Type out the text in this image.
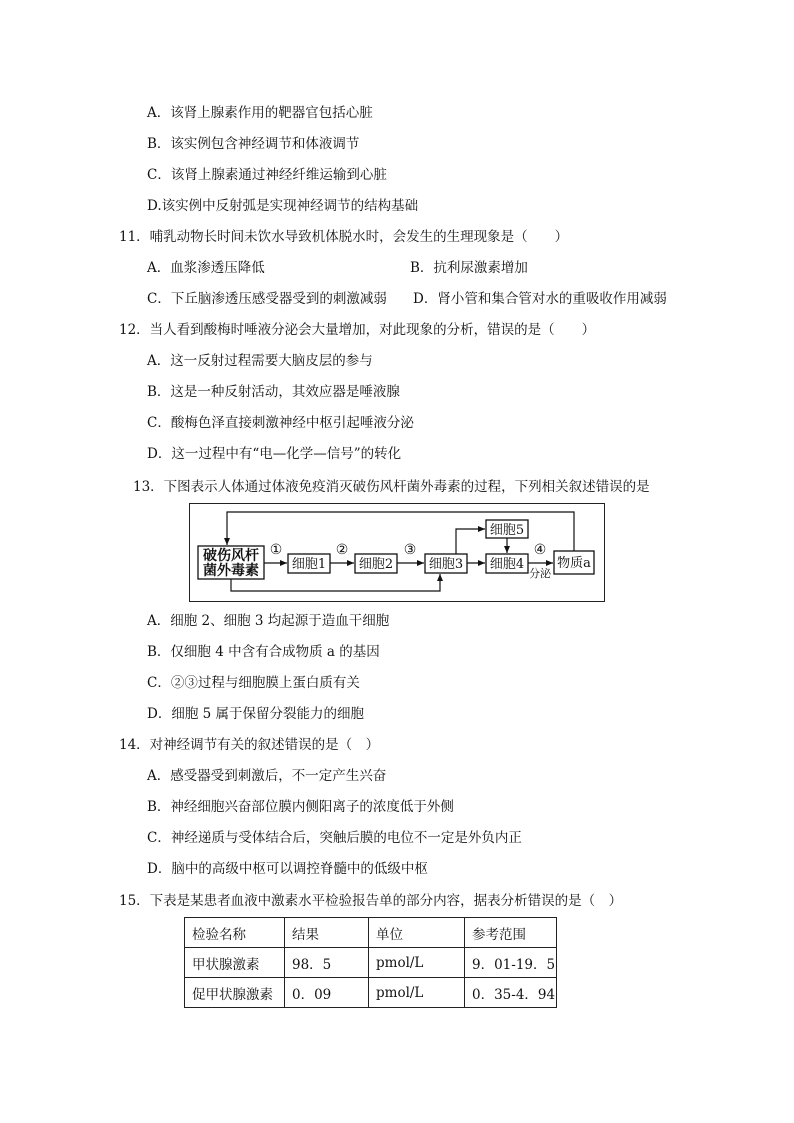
A．该肾上腺素作用的靶器官包括心脏
B．该实例包含神经调节和体液调节
C．该肾上腺素通过神经纤维运输到心脏
D.该实例中反射弧是实现神经调节的结构基础
11．哺乳动物长时间未饮水导致机体脱水时，会发生的生理现象是（　　）
A．血浆渗透压降低	B．抗利尿激素增加
C．下丘脑渗透压感受器受到的刺激减弱 D．肾小管和集合管对水的重吸收作用减弱
12．当人看到酸梅时唾液分泌会大量增加，对此现象的分析，错误的是（　　）
A．这一反射过程需要大脑皮层的参与
B．这是一种反射活动，其效应器是唾液腺
C．酸梅色泽直接刺激神经中枢引起唾液分泌
D．这一过程中有“电—化学—信号”的转化
13．下图表示人体通过体液免疫消灭破伤风杆菌外毒素的过程，下列相关叙述错误的是
破伤风杆
菌外毒素	细胞1	细胞2	细胞3
细胞5
细胞4	物质a
①	②	③	④
分泌
A．细胞 2、细胞 3 均起源于造血干细胞
B．仅细胞 4 中含有合成物质 a 的基因
C．②③过程与细胞膜上蛋白质有关
D．细胞 5 属于保留分裂能力的细胞
14．对神经调节有关的叙述错误的是（　）
A．感受器受到刺激后，不一定产生兴奋
B．神经细胞兴奋部位膜内侧阳离子的浓度低于外侧
C．神经递质与受体结合后，突触后膜的电位不一定是外负内正
D．脑中的高级中枢可以调控脊髓中的低级中枢
15．下表是某患者血液中激素水平检验报告单的部分内容，据表分析错误的是（　）
检验名称	结果	单位	参考范围
甲状腺激素	98．5	pmol/L	9．01-19．5
促甲状腺激素	0．09	pmol/L	0．35-4．94
